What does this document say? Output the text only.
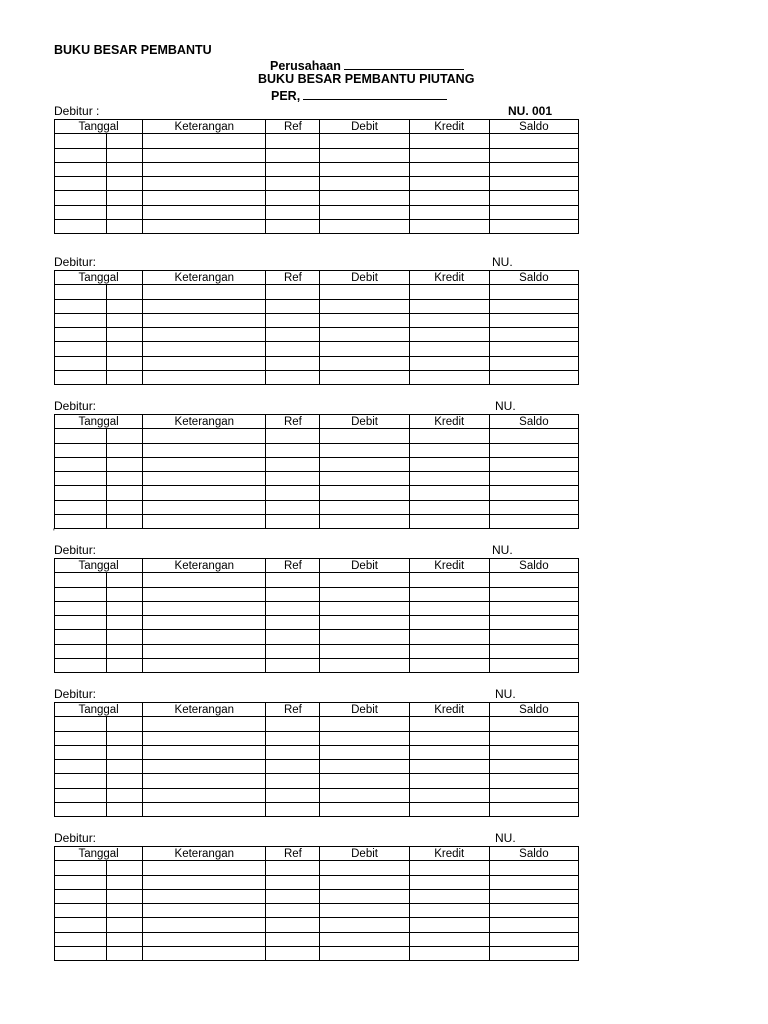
BUKU BESAR PEMBANTU
Perusahaan
BUKU BESAR PEMBANTU PIUTANG
PER,
Debitur :	NU. 001
Tanggal		Keterangan	Ref	Debit	Kredit	Saldo

Debitur:	NU.
Tanggal		Keterangan	Ref	Debit	Kredit	Saldo

Debitur:	NU.
Tanggal		Keterangan	Ref	Debit	Kredit	Saldo

Debitur:	NU.
Tanggal		Keterangan	Ref	Debit	Kredit	Saldo

Debitur:	NU.
Tanggal		Keterangan	Ref	Debit	Kredit	Saldo

Debitur:	NU.
Tanggal		Keterangan	Ref	Debit	Kredit	Saldo

'
